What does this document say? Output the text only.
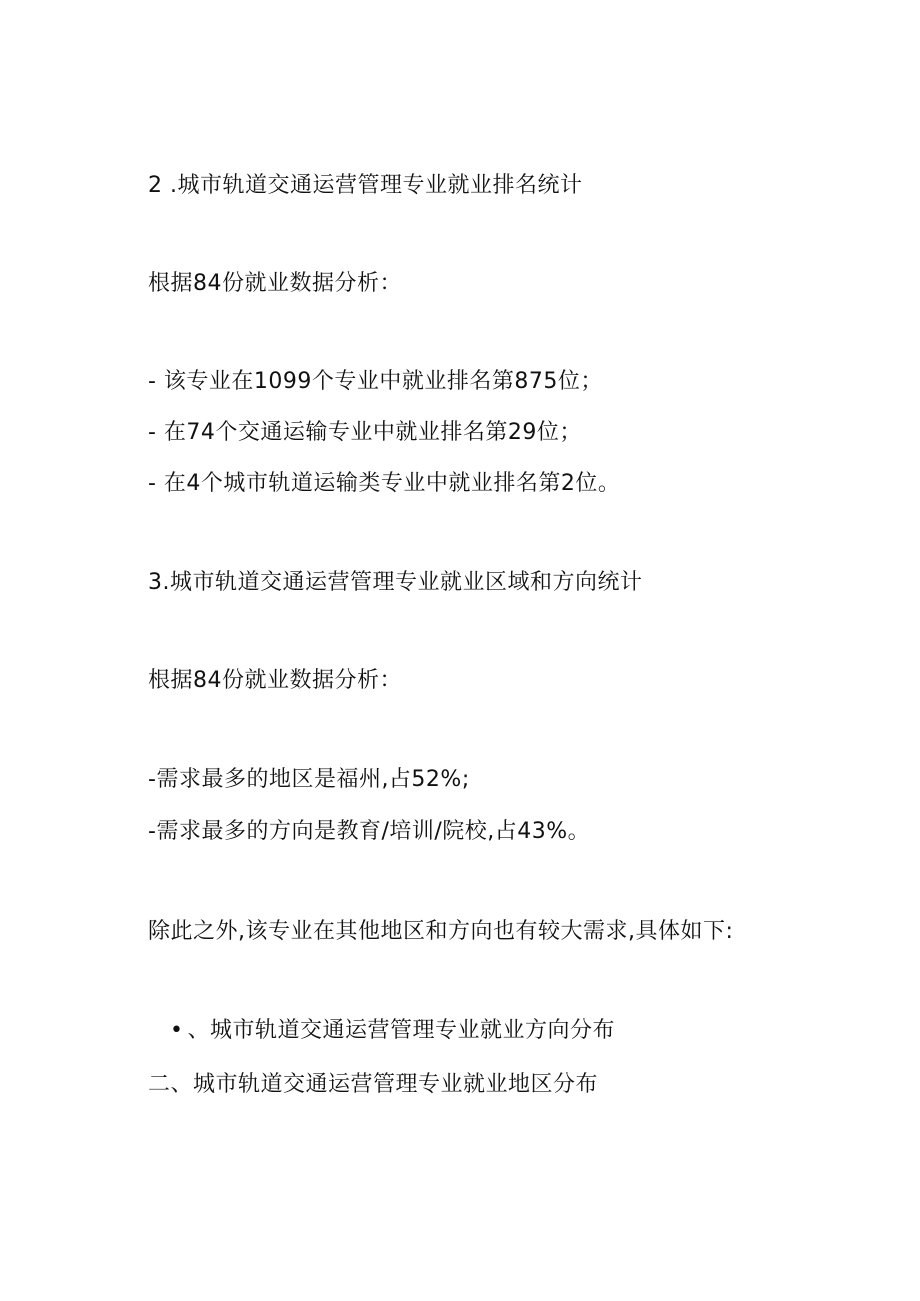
2 .城市轨道交通运营管理专业就业排名统计
根据84份就业数据分析：
- 该专业在1099个专业中就业排名第875位；
- 在74个交通运输专业中就业排名第29位；
- 在4个城市轨道运输类专业中就业排名第2位。
3.城市轨道交通运营管理专业就业区域和方向统计
根据84份就业数据分析：
-需求最多的地区是福州,占52%;
-需求最多的方向是教育/培训/院校,占43%。
除此之外,该专业在其他地区和方向也有较大需求,具体如下:
• 、城市轨道交通运营管理专业就业方向分布
二、城市轨道交通运营管理专业就业地区分布
